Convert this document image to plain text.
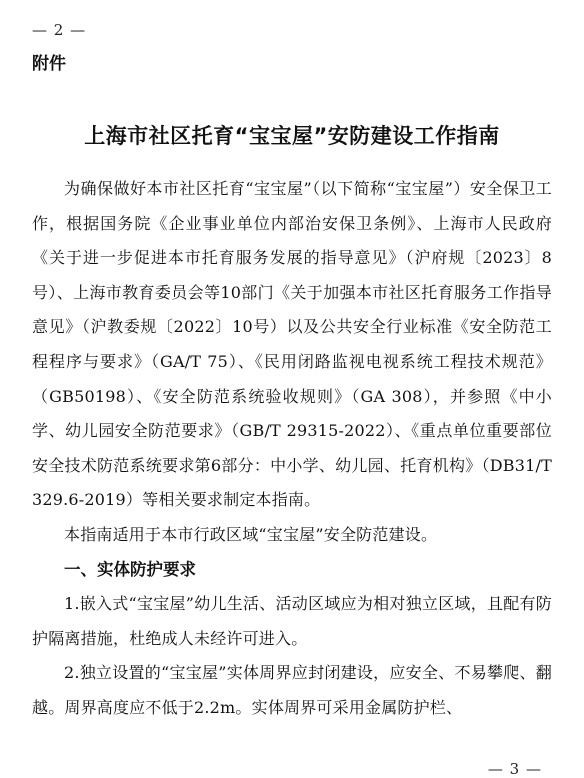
— 2 —
附件
上海市社区托育“宝宝屋”安防建设工作指南

为确保做好本市社区托育“宝宝屋”（以下简称“宝宝屋”）安全保卫工作，根据国务院《企业事业单位内部治安保卫条例》、上海市人民政府《关于进一步促进本市托育服务发展的指导意见》（沪府规〔2023〕8号）、上海市教育委员会等10部门《关于加强本市社区托育服务工作指导意见》（沪教委规〔2022〕10号）以及公共安全行业标准《安全防范工程程序与要求》（GA/T 75）、《民用闭路监视电视系统工程技术规范》（GB50198）、《安全防范系统验收规则》（GA 308），并参照《中小学、幼儿园安全防范要求》（GB/T 29315-2022）、《重点单位重要部位安全技术防范系统要求第6部分：中小学、幼儿园、托育机构》（DB31/T 329.6-2019）等相关要求制定本指南。

本指南适用于本市行政区域“宝宝屋”安全防范建设。

一、实体防护要求

1.嵌入式“宝宝屋”幼儿生活、活动区域应为相对独立区域，且配有防护隔离措施，杜绝成人未经许可进入。

2.独立设置的“宝宝屋”实体周界应封闭建设，应安全、不易攀爬、翻越。周界高度应不低于2.2m。实体周界可采用金属防护栏、

— 3 —
